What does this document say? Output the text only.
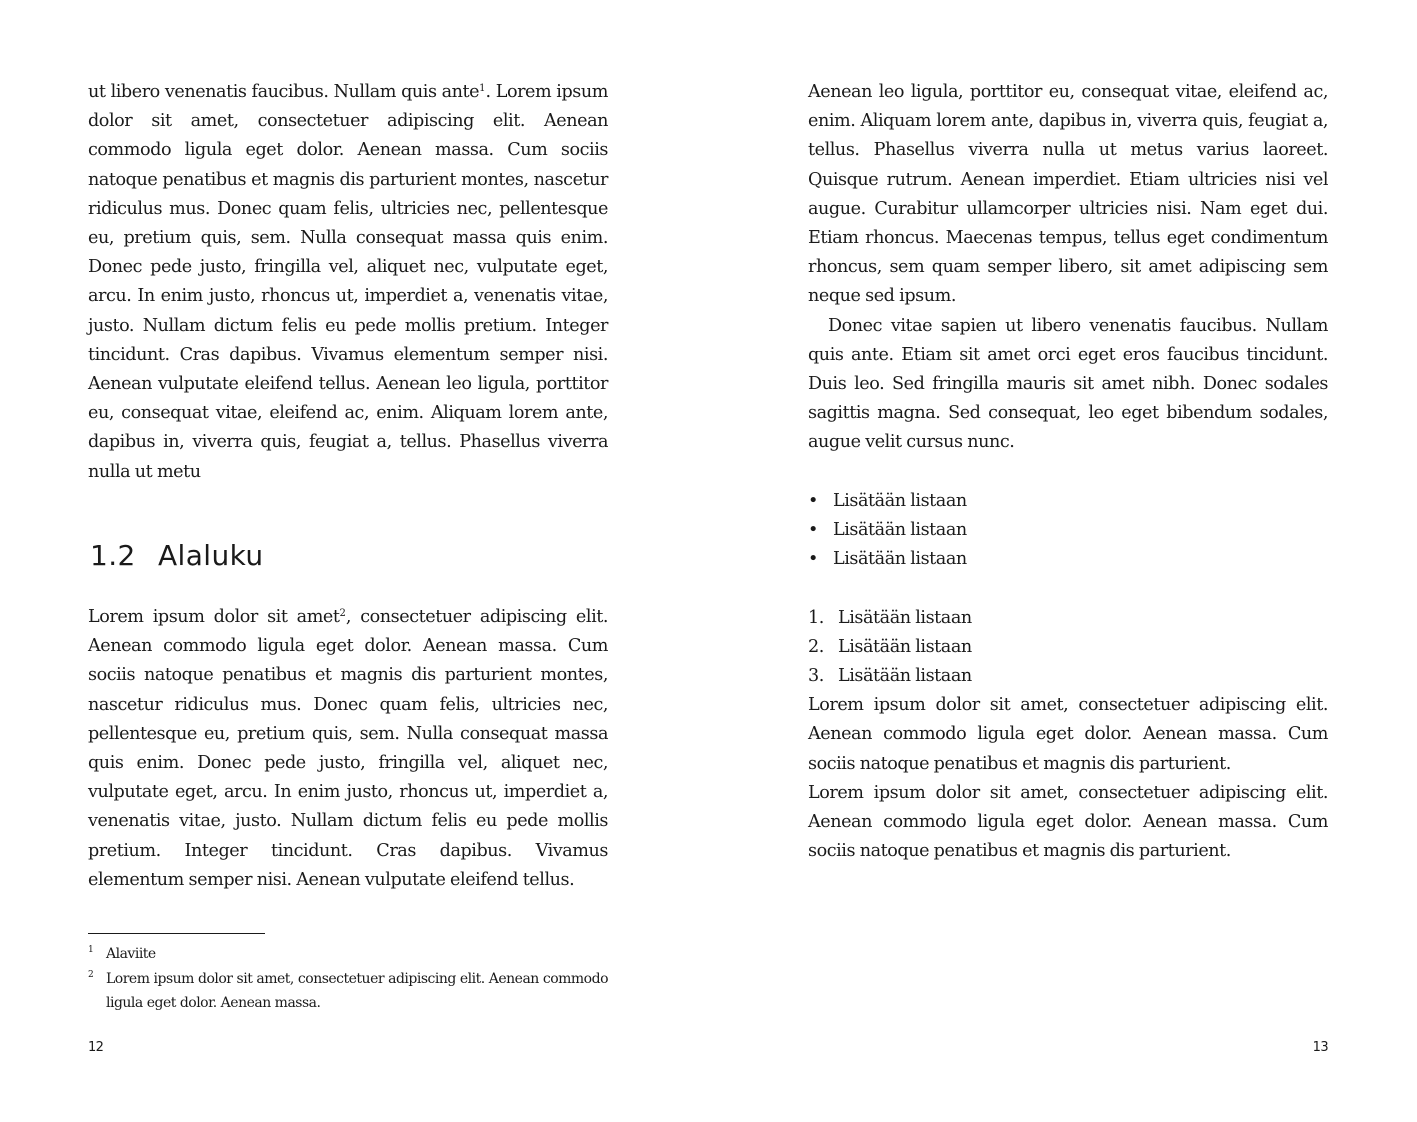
ut libero venenatis faucibus. Nullam quis ante$^1$. Lorem ipsum dolor sit amet, consectetuer adipiscing elit. Aenean commodo ligula eget dolor. Aenean massa. Cum sociis natoque penatibus et magnis dis parturient montes, nascetur ridiculus mus. Donec quam felis, ultricies nec, pellentesque eu, pretium quis, sem. Nulla consequat massa quis enim. Donec pede justo, fringilla vel, aliquet nec, vulputate eget, arcu. In enim justo, rhoncus ut, imperdiet a, venenatis vitae, justo. Nullam dictum felis eu pede mollis pretium. Integer tincidunt. Cras dapibus. Vivamus elementum semper nisi. Aenean vulputate eleifend tellus. Aenean leo ligula, porttitor eu, consequat vitae, eleifend ac, enim. Aliquam lorem ante, dapibus in, viverra quis, feugiat a, tellus. Phasellus viverra nulla ut metu

1.2 Alaluku

Lorem ipsum dolor sit amet$^2$, consectetuer adipiscing elit. Aenean commodo ligula eget dolor. Aenean massa. Cum sociis natoque penatibus et magnis dis parturient montes, nascetur ridiculus mus. Donec quam felis, ultricies nec, pellentesque eu, pretium quis, sem. Nulla consequat massa quis enim. Donec pede justo, fringilla vel, aliquet nec, vulputate eget, arcu. In enim justo, rhoncus ut, imperdiet a, venenatis vitae, justo. Nullam dictum felis eu pede mollis pretium. Integer tincidunt. Cras dapibus. Vivamus elementum semper nisi. Aenean vulputate eleifend tellus.

1 Alaviite
2 Lorem ipsum dolor sit amet, consectetuer adipiscing elit. Aenean commodo ligula eget dolor. Aenean massa.
12

Aenean leo ligula, porttitor eu, consequat vitae, eleifend ac, enim. Aliquam lorem ante, dapibus in, viverra quis, feugiat a, tellus. Phasellus viverra nulla ut metus varius laoreet. Quisque rutrum. Aenean imperdiet. Etiam ultricies nisi vel augue. Curabitur ullamcorper ultricies nisi. Nam eget dui. Etiam rhoncus. Maecenas tempus, tellus eget condimentum rhoncus, sem quam semper libero, sit amet adipiscing sem neque sed ipsum.

Donec vitae sapien ut libero venenatis faucibus. Nullam quis ante. Etiam sit amet orci eget eros faucibus tincidunt. Duis leo. Sed fringilla mauris sit amet nibh. Donec sodales sagittis magna. Sed consequat, leo eget bibendum sodales, augue velit cursus nunc.

• Lisätään listaan
• Lisätään listaan
• Lisätään listaan
1. Lisätään listaan
2. Lisätään listaan
3. Lisätään listaan

Lorem ipsum dolor sit amet, consectetuer adipiscing elit. Aenean commodo ligula eget dolor. Aenean massa. Cum sociis natoque penatibus et magnis dis parturient.

Lorem ipsum dolor sit amet, consectetuer adipiscing elit. Aenean commodo ligula eget dolor. Aenean massa. Cum sociis natoque penatibus et magnis dis parturient.

13
